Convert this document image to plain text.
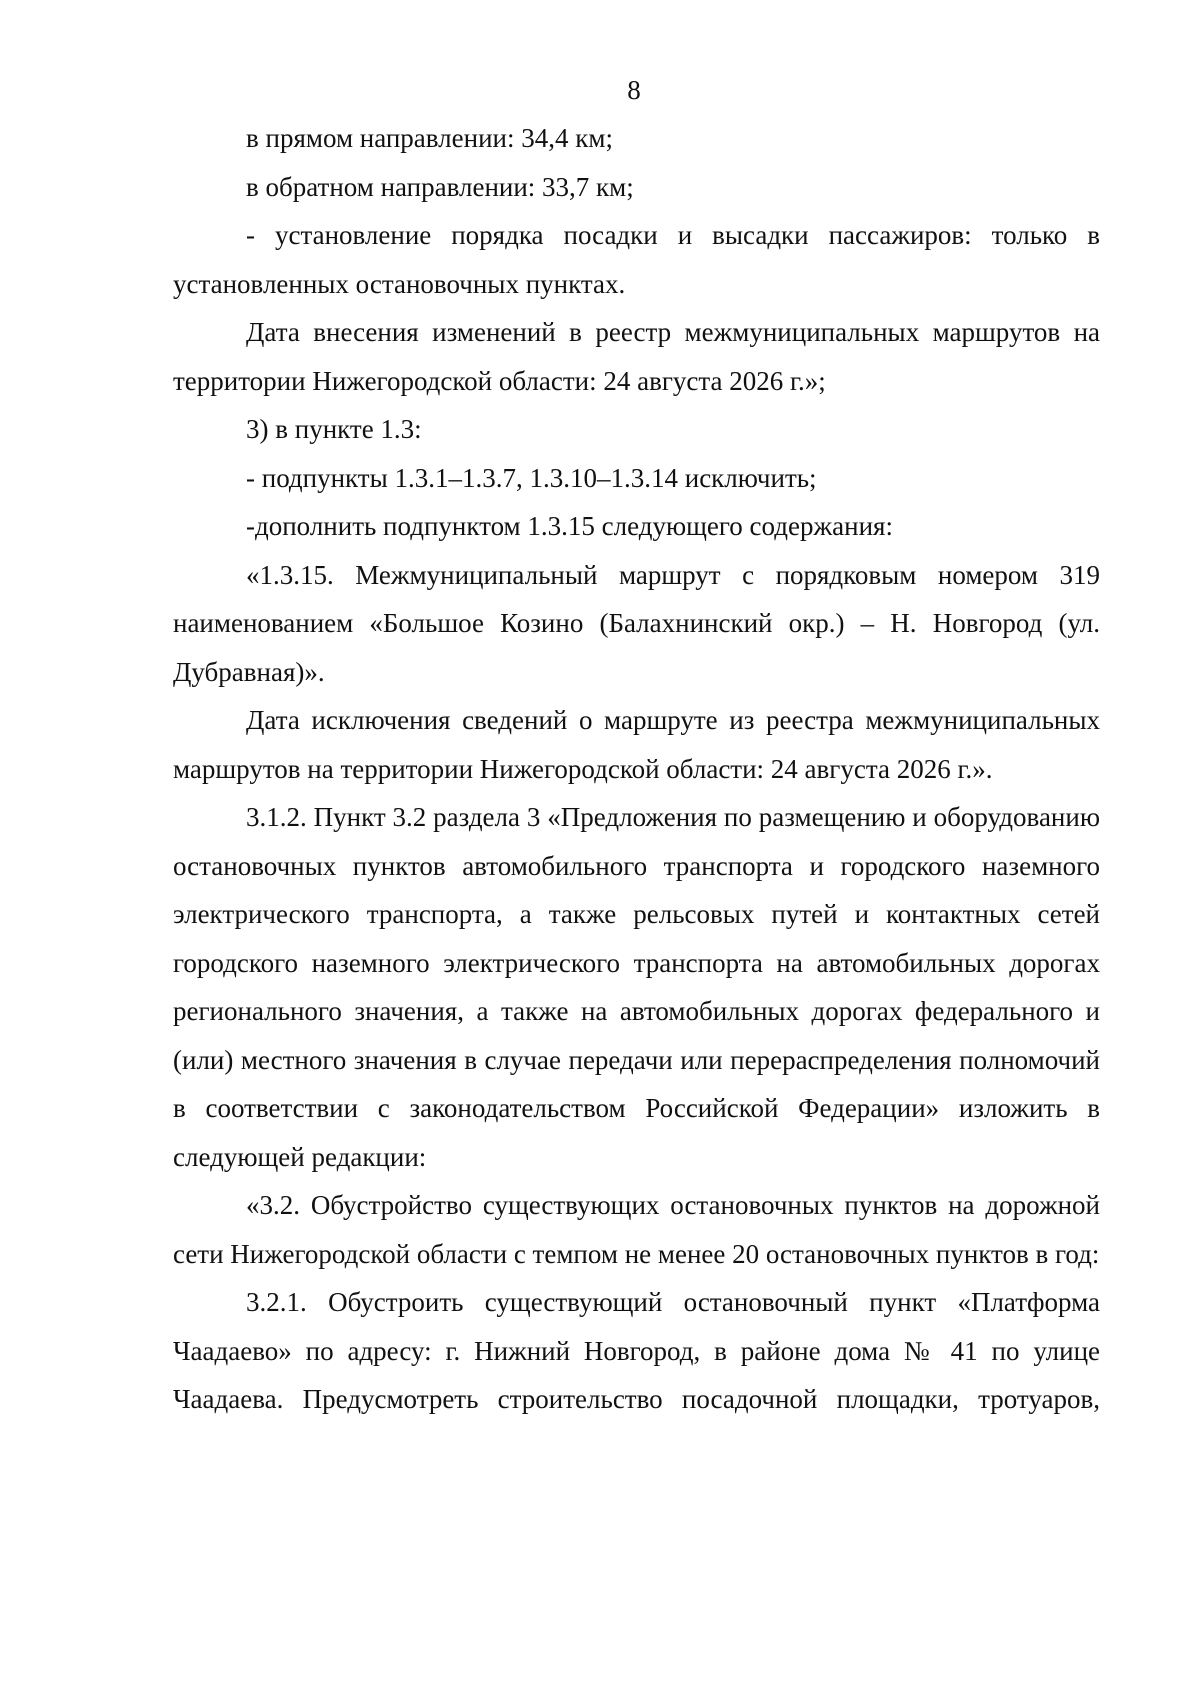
8

в прямом направлении: 34,4 км;

в обратном направлении: 33,7 км;

- установление порядка посадки и высадки пассажиров: только в установленных остановочных пунктах.

Дата внесения изменений в реестр межмуниципальных маршрутов на территории Нижегородской области: 24 августа 2026 г.»;

3) в пункте 1.3:

- подпункты 1.3.1–1.3.7, 1.3.10–1.3.14 исключить;

-дополнить подпунктом 1.3.15 следующего содержания:

«1.3.15. Межмуниципальный маршрут с порядковым номером 319 наименованием «Большое Козино (Балахнинский окр.) – Н. Новгород (ул. Дубравная)».

Дата исключения сведений о маршруте из реестра межмуниципальных маршрутов на территории Нижегородской области: 24 августа 2026 г.».

3.1.2. Пункт 3.2 раздела 3 «Предложения по размещению и оборудованию остановочных пунктов автомобильного транспорта и городского наземного электрического транспорта, а также рельсовых путей и контактных сетей городского наземного электрического транспорта на автомобильных дорогах регионального значения, а также на автомобильных дорогах федерального и (или) местного значения в случае передачи или перераспределения полномочий в соответствии с законодательством Российской Федерации» изложить в следующей редакции:

«3.2. Обустройство существующих остановочных пунктов на дорожной сети Нижегородской области с темпом не менее 20 остановочных пунктов в год:

3.2.1. Обустроить существующий остановочный пункт «Платформа Чаадаево» по адресу: г. Нижний Новгород, в районе дома № 41 по улице Чаадаева. Предусмотреть строительство посадочной площадки, тротуаров,
